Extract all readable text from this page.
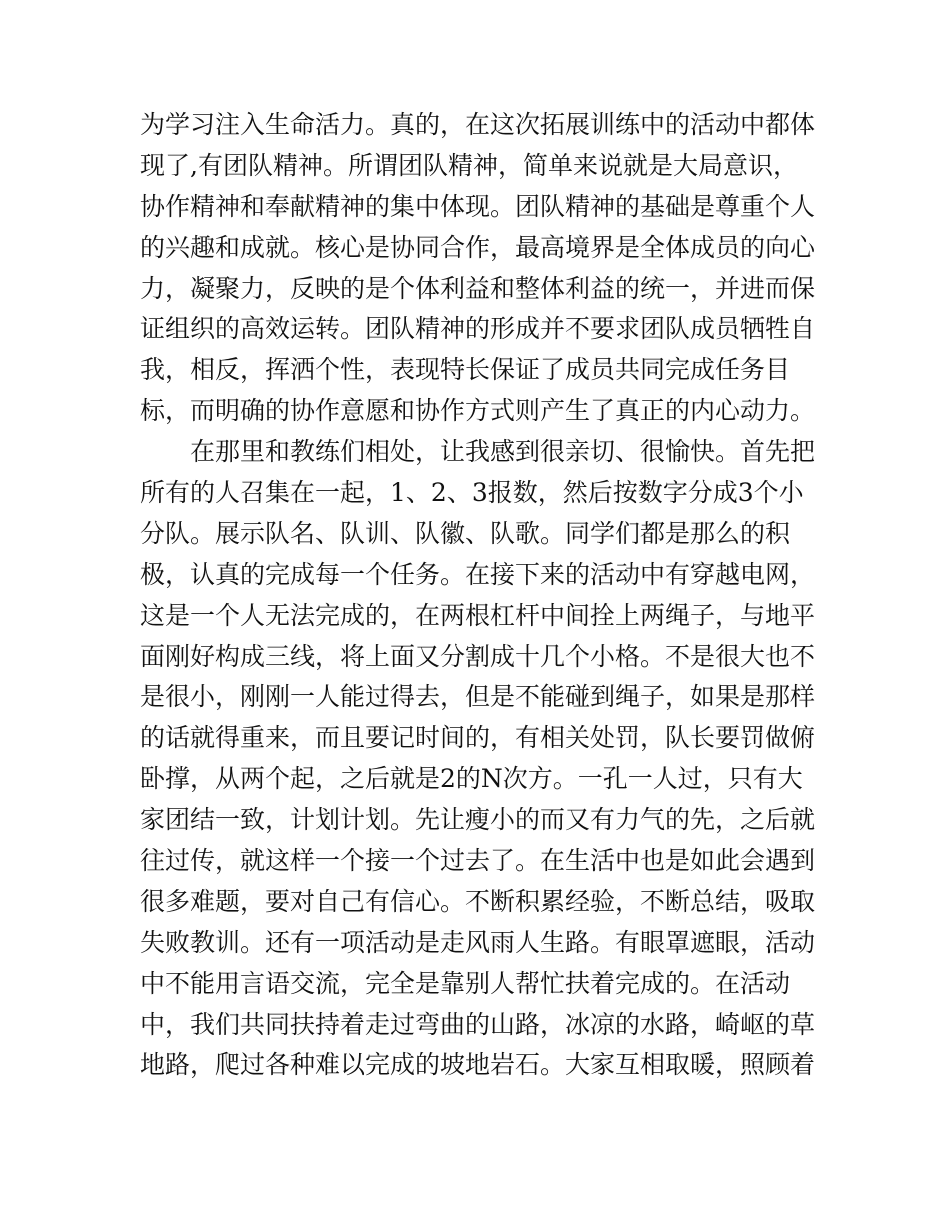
为学习注入生命活力。真的，在这次拓展训练中的活动中都体
现了,有团队精神。所谓团队精神，简单来说就是大局意识，
协作精神和奉献精神的集中体现。团队精神的基础是尊重个人
的兴趣和成就。核心是协同合作，最高境界是全体成员的向心
力，凝聚力，反映的是个体利益和整体利益的统一，并进而保
证组织的高效运转。团队精神的形成并不要求团队成员牺牲自
我，相反，挥洒个性，表现特长保证了成员共同完成任务目
标，而明确的协作意愿和协作方式则产生了真正的内心动力。
在那里和教练们相处，让我感到很亲切、很愉快。首先把
所有的人召集在一起，1、2、3报数，然后按数字分成3个小
分队。展示队名、队训、队徽、队歌。同学们都是那么的积
极，认真的完成每一个任务。在接下来的活动中有穿越电网，
这是一个人无法完成的，在两根杠杆中间拴上两绳子，与地平
面刚好构成三线，将上面又分割成十几个小格。不是很大也不
是很小，刚刚一人能过得去，但是不能碰到绳子，如果是那样
的话就得重来，而且要记时间的，有相关处罚，队长要罚做俯
卧撑，从两个起，之后就是2的N次方。一孔一人过，只有大
家团结一致，计划计划。先让瘦小的而又有力气的先，之后就
往过传，就这样一个接一个过去了。在生活中也是如此会遇到
很多难题，要对自己有信心。不断积累经验，不断总结，吸取
失败教训。还有一项活动是走风雨人生路。有眼罩遮眼，活动
中不能用言语交流，完全是靠别人帮忙扶着完成的。在活动
中，我们共同扶持着走过弯曲的山路，冰凉的水路，崎岖的草
地路，爬过各种难以完成的坡地岩石。大家互相取暖，照顾着
